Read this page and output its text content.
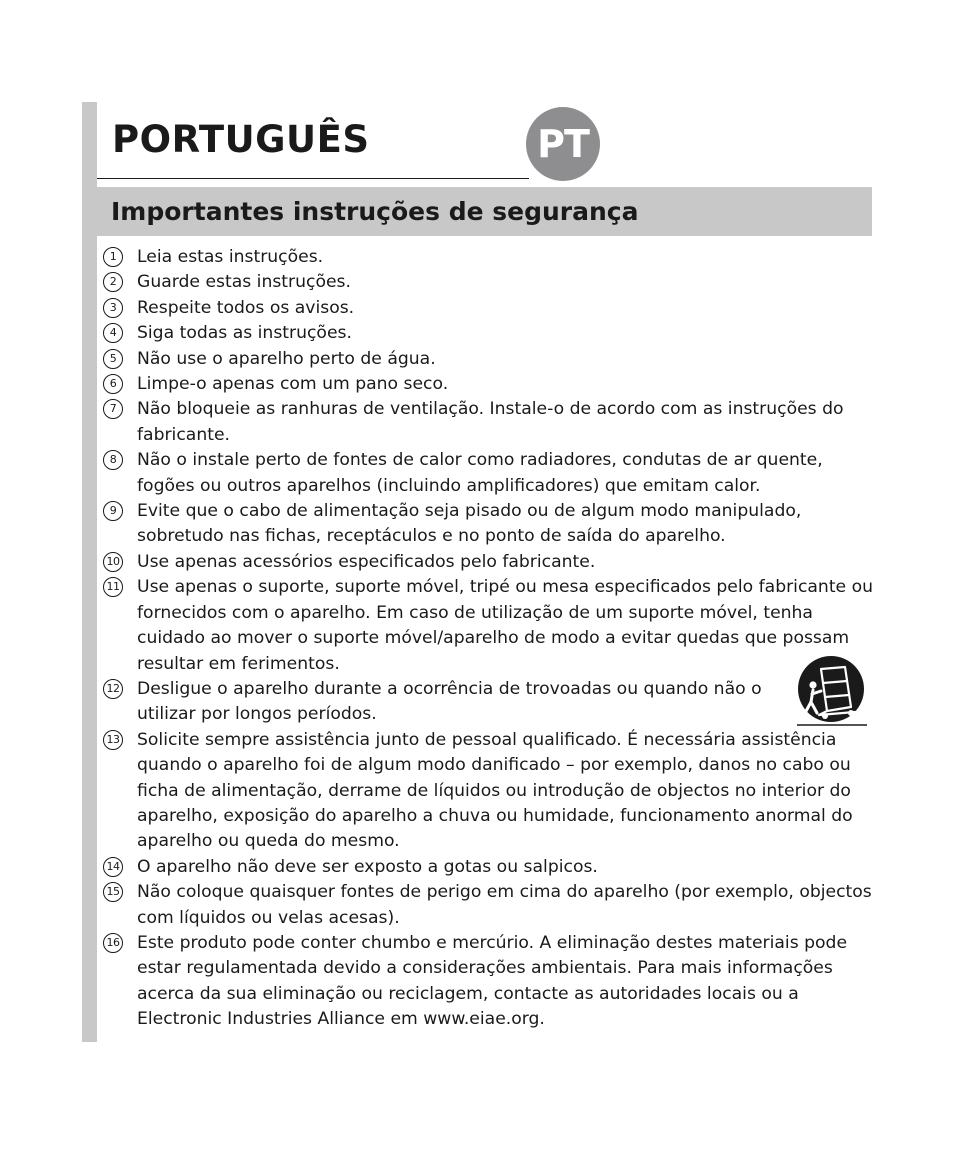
PORTUGUÊS	PT
Importantes instruções de segurança
1	Leia estas instruções.
2	Guarde estas instruções.
3	Respeite todos os avisos.
4	Siga todas as instruções.
5	Não use o aparelho perto de água.
6	Limpe-o apenas com um pano seco.
7	Não bloqueie as ranhuras de ventilação. Instale-o de acordo com as instruções do fabricante.
8	Não o instale perto de fontes de calor como radiadores, condutas de ar quente, fogões ou outros aparelhos (incluindo amplificadores) que emitam calor.
9	Evite que o cabo de alimentação seja pisado ou de algum modo manipulado, sobretudo nas fichas, receptáculos e no ponto de saída do aparelho.
10 Use apenas acessórios especificados pelo fabricante.
11 Use apenas o suporte, suporte móvel, tripé ou mesa especificados pelo fabricante ou fornecidos com o aparelho. Em caso de utilização de um suporte móvel, tenha cuidado ao mover o suporte móvel/aparelho de modo a evitar quedas que possam resultar em ferimentos.
12 Desligue o aparelho durante a ocorrência de trovoadas ou quando não o utilizar por longos períodos.
13 Solicite sempre assistência junto de pessoal qualificado. É necessária assistência quando o aparelho foi de algum modo danificado – por exemplo, danos no cabo ou ficha de alimentação, derrame de líquidos ou introdução de objectos no interior do aparelho, exposição do aparelho a chuva ou humidade, funcionamento anormal do aparelho ou queda do mesmo.
14 O aparelho não deve ser exposto a gotas ou salpicos.
15 Não coloque quaisquer fontes de perigo em cima do aparelho (por exemplo, objectos com líquidos ou velas acesas).
16 Este produto pode conter chumbo e mercúrio. A eliminação destes materiais pode estar regulamentada devido a considerações ambientais. Para mais informações acerca da sua eliminação ou reciclagem, contacte as autoridades locais ou a Electronic Industries Alliance em www.eiae.org.
